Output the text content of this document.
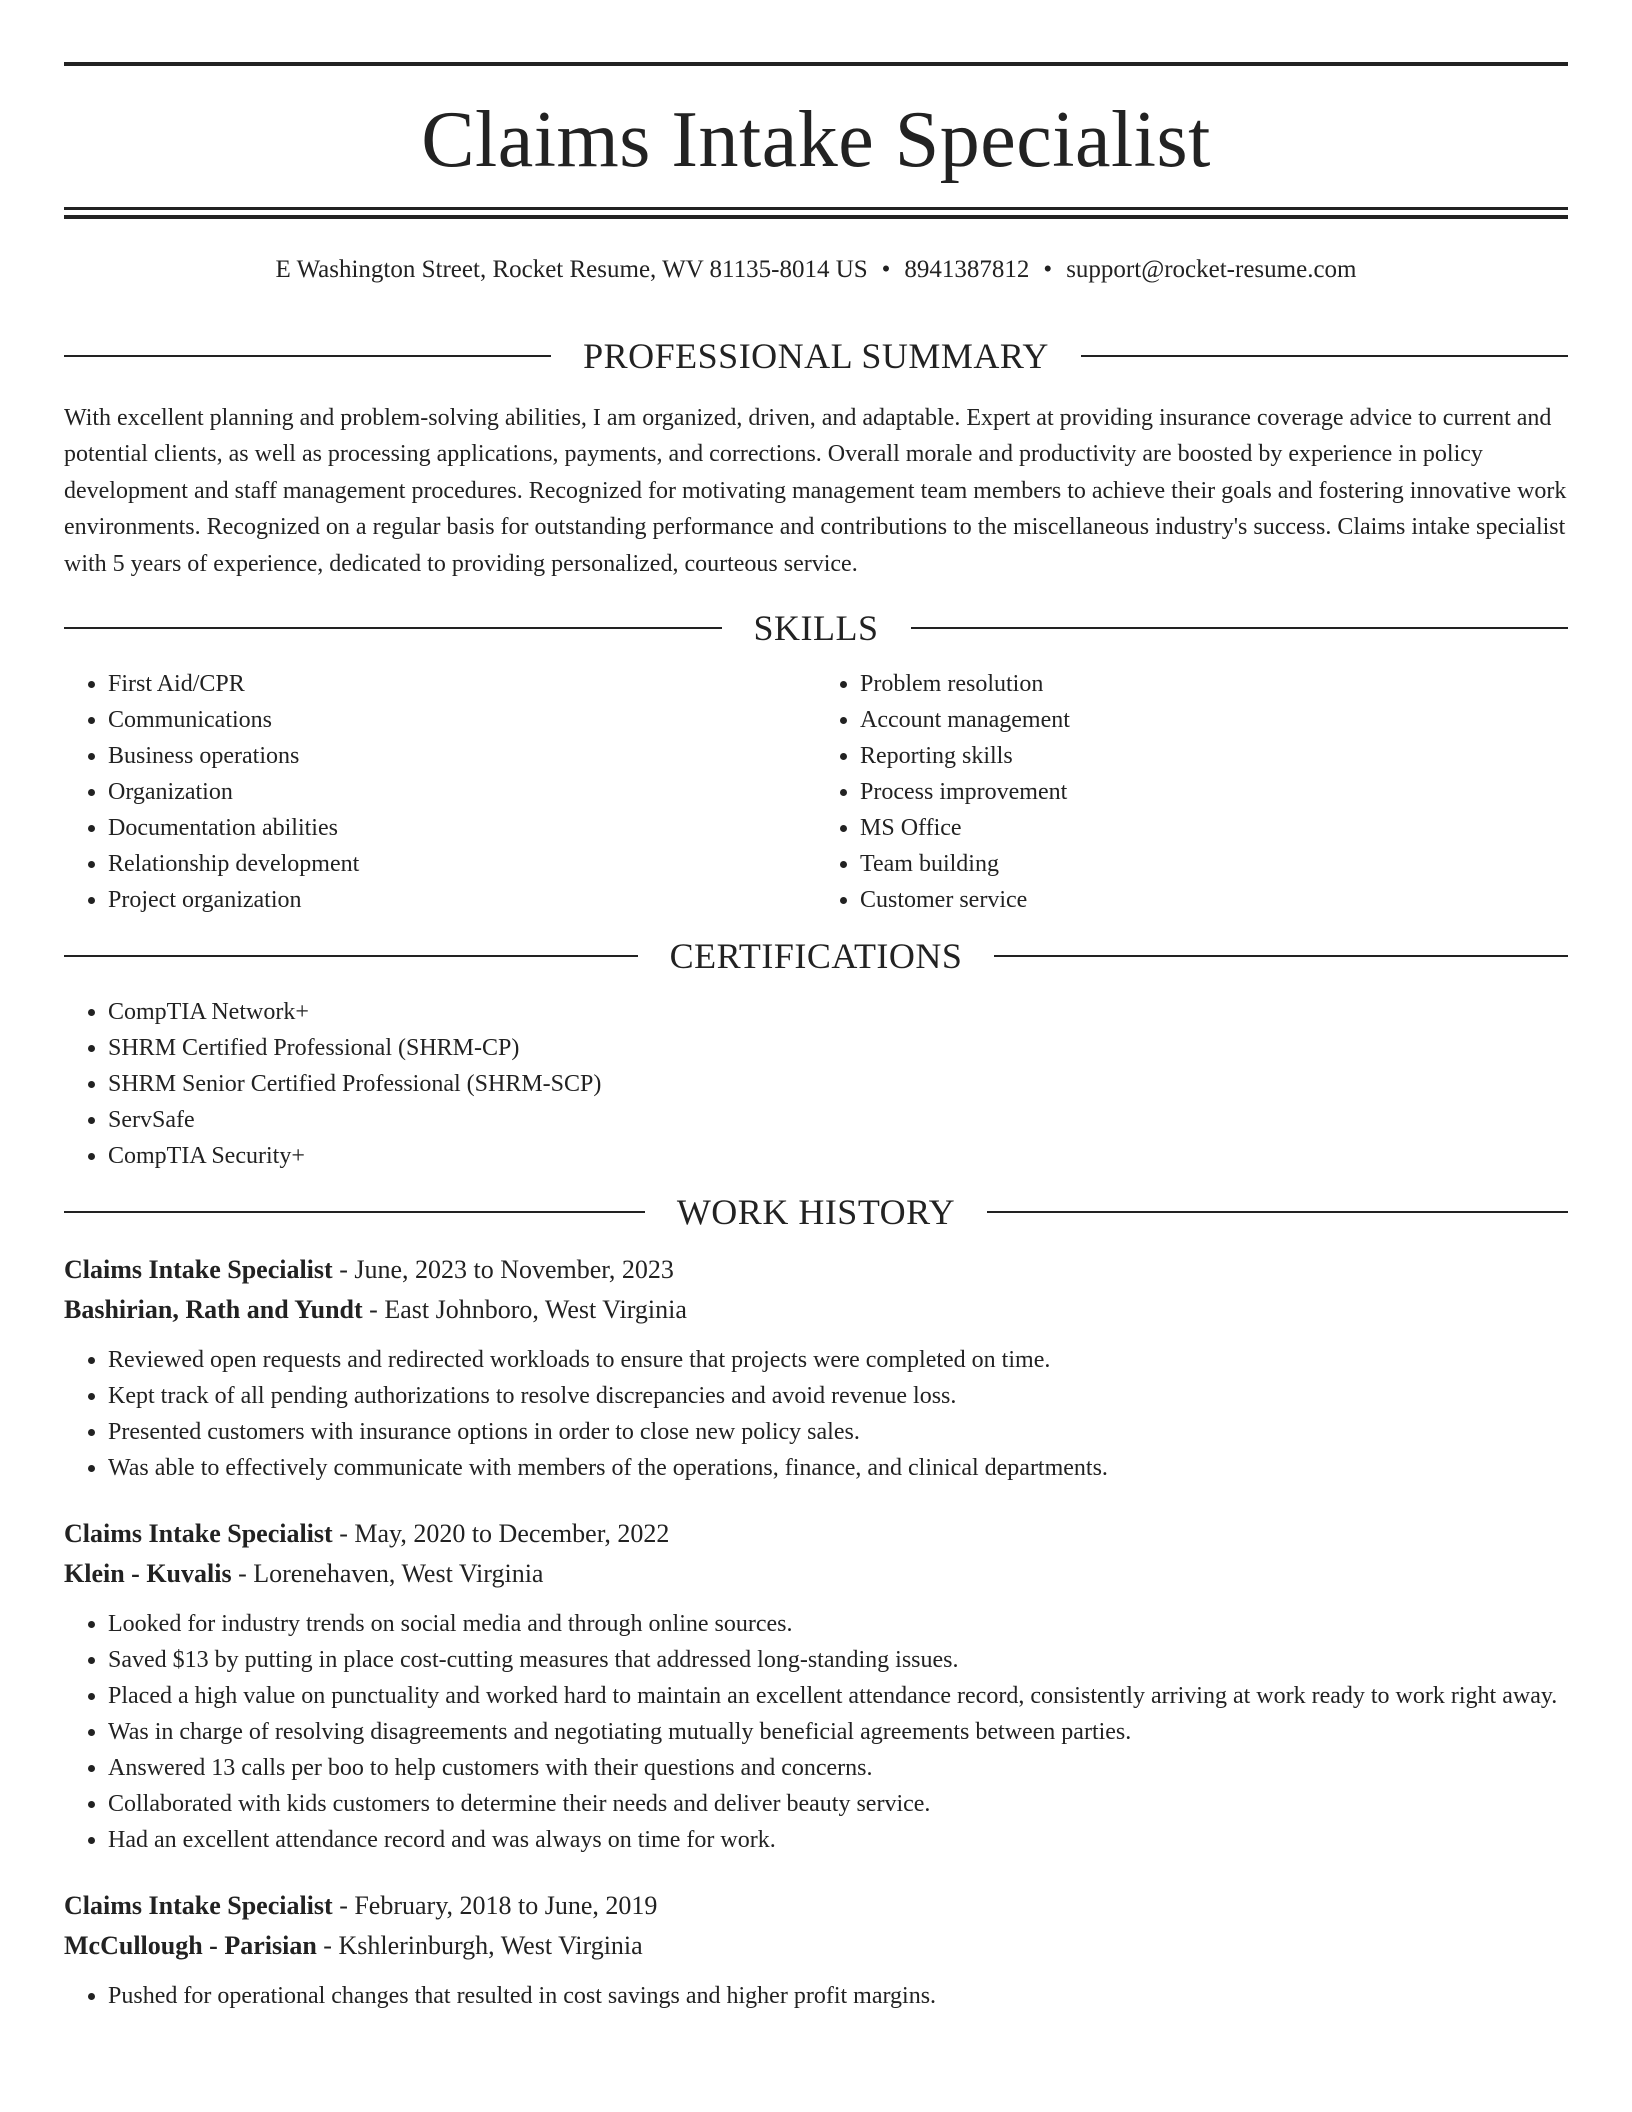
Claims Intake Specialist
E Washington Street, Rocket Resume, WV 81135-8014 US • 8941387812 • support@rocket-resume.com
PROFESSIONAL SUMMARY

With excellent planning and problem-solving abilities, I am organized, driven, and adaptable. Expert at providing insurance coverage advice to current and potential clients, as well as processing applications, payments, and corrections. Overall morale and productivity are boosted by experience in policy development and staff management procedures. Recognized for motivating management team members to achieve their goals and fostering innovative work environments. Recognized on a regular basis for outstanding performance and contributions to the miscellaneous industry's success. Claims intake specialist with 5 years of experience, dedicated to providing personalized, courteous service.

SKILLS
• First Aid/CPR
• Communications
• Business operations
• Organization
• Documentation abilities
• Relationship development
• Project organization
• Problem resolution
• Account management
• Reporting skills
• Process improvement
• MS Office
• Team building
• Customer service
CERTIFICATIONS
• CompTIA Network+
• SHRM Certified Professional (SHRM-CP)
• SHRM Senior Certified Professional (SHRM-SCP)
• ServSafe
• CompTIA Security+
WORK HISTORY
Claims Intake Specialist - June, 2023 to November, 2023
Bashirian, Rath and Yundt - East Johnboro, West Virginia
• Reviewed open requests and redirected workloads to ensure that projects were completed on time.
• Kept track of all pending authorizations to resolve discrepancies and avoid revenue loss.
• Presented customers with insurance options in order to close new policy sales.
• Was able to effectively communicate with members of the operations, finance, and clinical departments.
Claims Intake Specialist - May, 2020 to December, 2022
Klein - Kuvalis - Lorenehaven, West Virginia
• Looked for industry trends on social media and through online sources.
• Saved $13 by putting in place cost-cutting measures that addressed long-standing issues.
• Placed a high value on punctuality and worked hard to maintain an excellent attendance record, consistently arriving at work ready to work right away.
• Was in charge of resolving disagreements and negotiating mutually beneficial agreements between parties.
• Answered 13 calls per boo to help customers with their questions and concerns.
• Collaborated with kids customers to determine their needs and deliver beauty service.
• Had an excellent attendance record and was always on time for work.
Claims Intake Specialist - February, 2018 to June, 2019
McCullough - Parisian - Kshlerinburgh, West Virginia
• Pushed for operational changes that resulted in cost savings and higher profit margins.
